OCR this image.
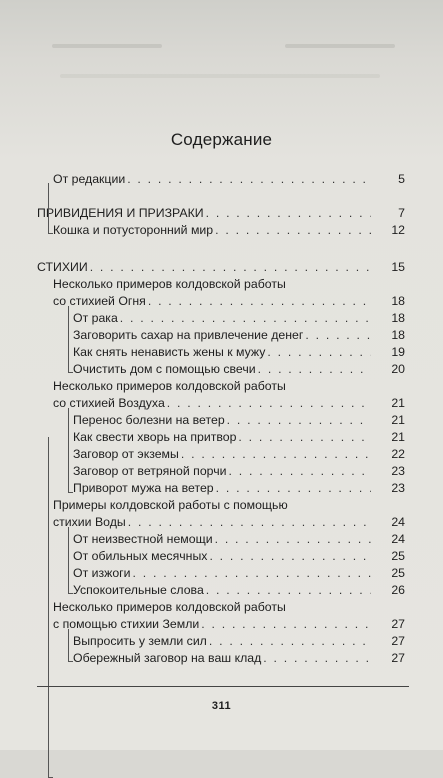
Содержание
От редакции . . .	5
ПРИВИДЕНИЯ И ПРИЗРАКИ . . .	7
Кошка и потусторонний мир . . .	12
СТИХИИ . . .	15
Несколько примеров колдовской работы
со стихией Огня . . .	18
От рака . . .	18
Заговорить сахар на привлечение денег . . .	18
Как снять ненависть жены к мужу . . .	19
Очистить дом с помощью свечи . . .	20
Несколько примеров колдовской работы
со стихией Воздуха . . .	21
Перенос болезни на ветер . . .	21
Как свести хворь на притвор . . .	21
Заговор от экземы . . .	22
Заговор от ветряной порчи . . .	23
Приворот мужа на ветер . . .	23
Примеры колдовской работы с помощью
стихии Воды . . .	24
От неизвестной немощи . . .	24
От обильных месячных . . .	25
От изжоги . . .	25
Успокоительные слова . . .	26
Несколько примеров колдовской работы
с помощью стихии Земли . . .	27
Выпросить у земли сил . . .	27
Обережный заговор на ваш клад . . .	27
311
